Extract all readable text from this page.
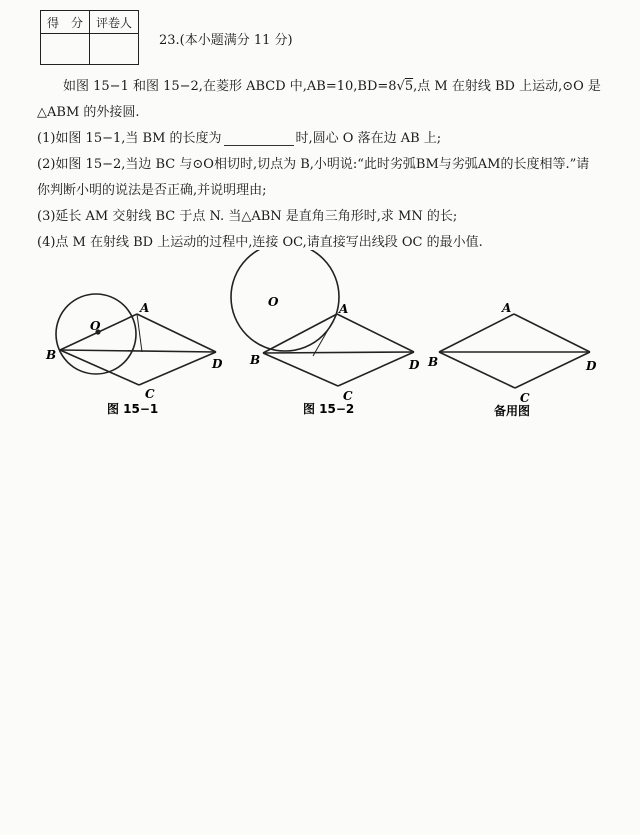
得　分	评卷人

23.(本小题满分 11 分)

如图 15−1 和图 15−2,在菱形 ABCD 中,AB=10,BD=8√5,点 M 在射线 BD 上运动,⊙O 是

△ABM 的外接圆.

(1)如图 15−1,当 BM 的长度为	时,圆心 O 落在边 AB 上;

(2)如图 15−2,当边 BC 与⊙O相切时,切点为 B,小明说:“此时劣弧BM与劣弧AM的长度相等.”请

你判断小明的说法是否正确,并说明理由;

(3)延长 AM 交射线 BC 于点 N. 当△ABN 是直角三角形时,求 MN 的长;

(4)点 M 在射线 BD 上运动的过程中,连接 OC,请直接写出线段 OC 的最小值.

O
A
B
C
D
图 15−1
O	A
B
C
D
图 15−2
A
B
C
D
备用图
